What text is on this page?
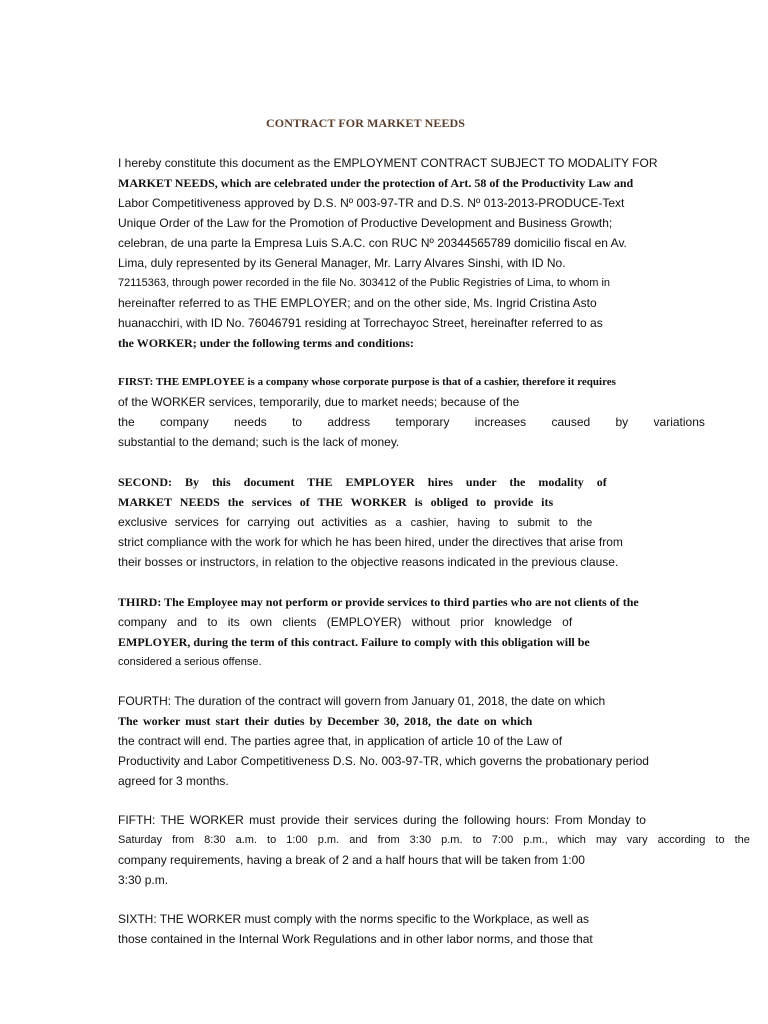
CONTRACT FOR MARKET NEEDS
I hereby constitute this document as the EMPLOYMENT CONTRACT SUBJECT TO MODALITY FOR
MARKET NEEDS, which are celebrated under the protection of Art. 58 of the Productivity Law and
Labor Competitiveness approved by D.S. Nº 003-97-TR and D.S. Nº 013-2013-PRODUCE-Text
Unique Order of the Law for the Promotion of Productive Development and Business Growth;
celebran, de una parte la Empresa Luis S.A.C. con RUC Nº 20344565789 domicilio fiscal en Av.
Lima, duly represented by its General Manager, Mr. Larry Alvares Sinshi, with ID No.
72115363, through power recorded in the file No. 303412 of the Public Registries of Lima, to whom in
hereinafter referred to as THE EMPLOYER; and on the other side, Ms. Ingrid Cristina Asto
huanacchiri, with ID No. 76046791 residing at Torrechayoc Street, hereinafter referred to as
the WORKER; under the following terms and conditions:
FIRST: THE EMPLOYEE is a company whose corporate purpose is that of a cashier, therefore it requires
of the WORKER services, temporarily, due to market needs; because of the
the company needs to address temporary increases caused by variations
substantial to the demand; such is the lack of money.
SECOND: By this document THE EMPLOYER hires under the modality of
MARKET NEEDS the services of THE WORKER is obliged to provide its
exclusive services for carrying out activities as a cashier, having to submit to the
strict compliance with the work for which he has been hired, under the directives that arise from
their bosses or instructors, in relation to the objective reasons indicated in the previous clause.
THIRD: The Employee may not perform or provide services to third parties who are not clients of the
company and to its own clients (EMPLOYER) without prior knowledge of
EMPLOYER, during the term of this contract. Failure to comply with this obligation will be
considered a serious offense.
FOURTH: The duration of the contract will govern from January 01, 2018, the date on which
The worker must start their duties by December 30, 2018, the date on which
the contract will end. The parties agree that, in application of article 10 of the Law of
Productivity and Labor Competitiveness D.S. No. 003-97-TR, which governs the probationary period
agreed for 3 months.
FIFTH: THE WORKER must provide their services during the following hours: From Monday to
Saturday from 8:30 a.m. to 1:00 p.m. and from 3:30 p.m. to 7:00 p.m., which may vary according to the
company requirements, having a break of 2 and a half hours that will be taken from 1:00
3:30 p.m.
SIXTH: THE WORKER must comply with the norms specific to the Workplace, as well as
those contained in the Internal Work Regulations and in other labor norms, and those that
